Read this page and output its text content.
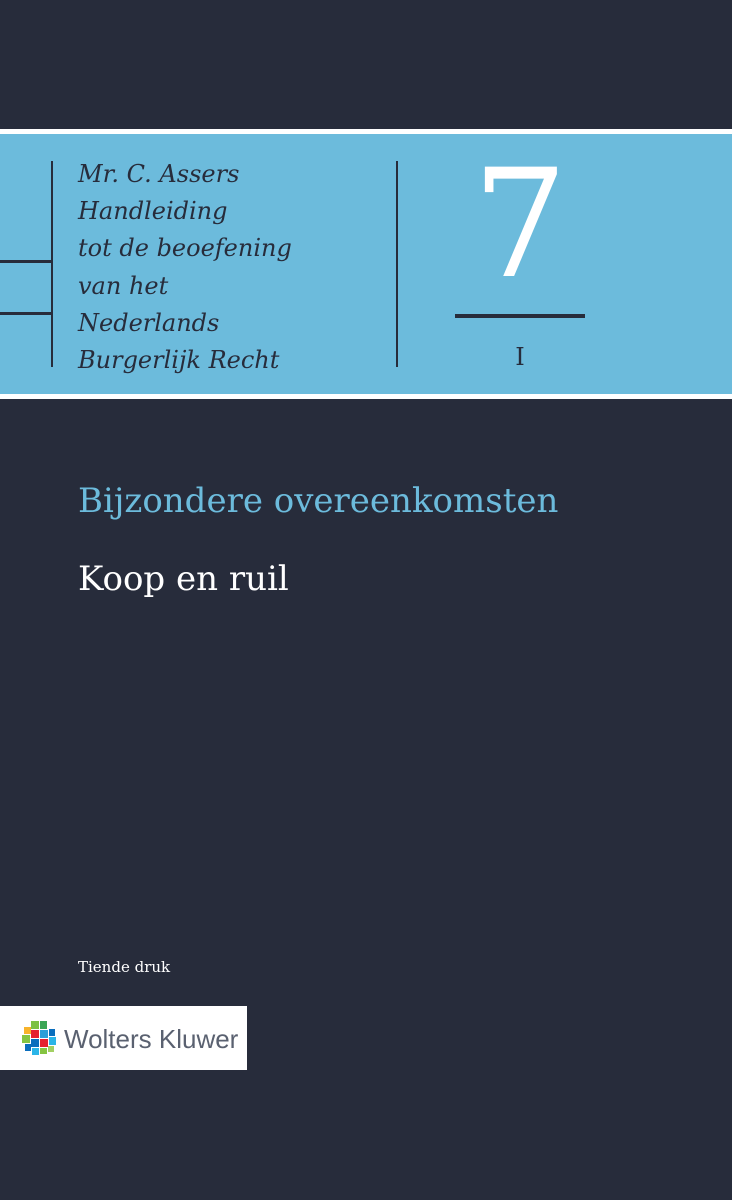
Mr. C. Assers
Handleiding
tot de beoefening
van het
Nederlands
Burgerlijk Recht
7
I
Bijzondere overeenkomsten
Koop en ruil
Tiende druk
Wolters Kluwer
